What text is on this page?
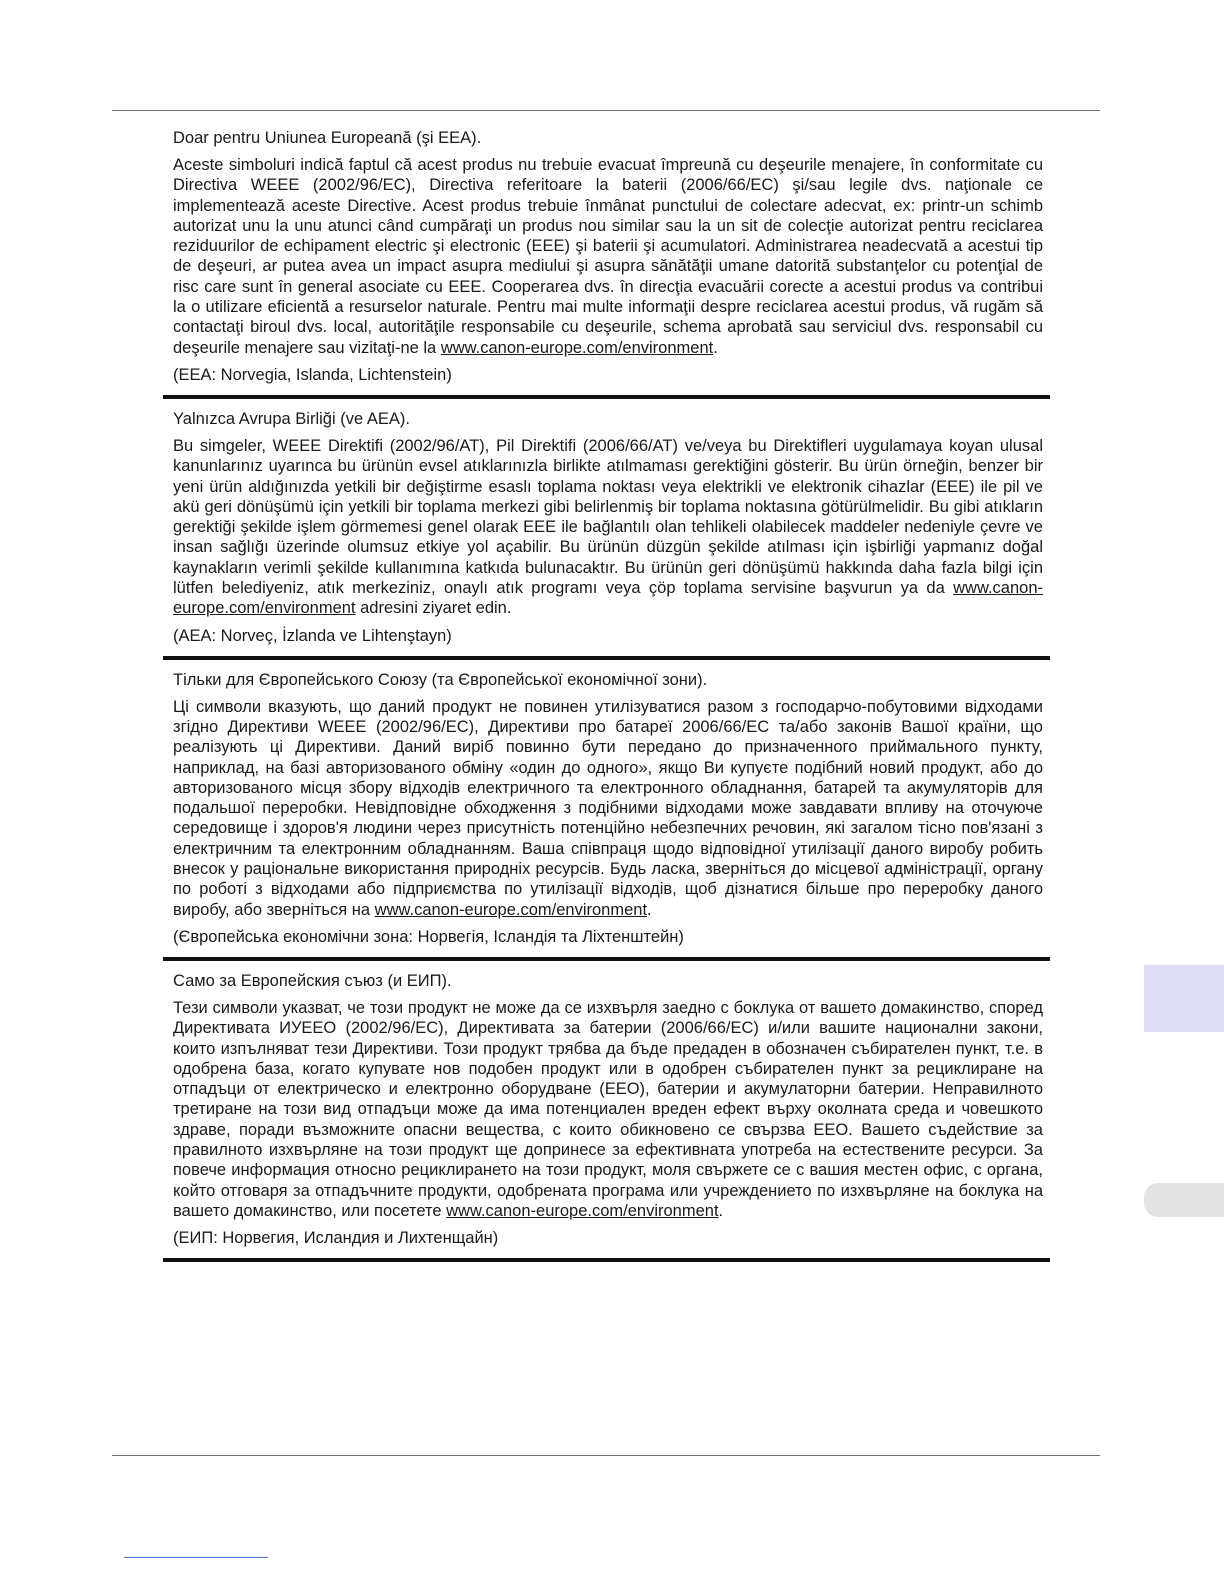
Doar pentru Uniunea Europeană (şi EEA).

Aceste simboluri indică faptul că acest produs nu trebuie evacuat împreună cu deşeurile menajere, în conformitate cu Directiva WEEE (2002/96/EC), Directiva referitoare la baterii (2006/66/EC) şi/sau legile dvs. naţionale ce implementează aceste Directive. Acest produs trebuie înmânat punctului de colectare adecvat, ex: printr-un schimb autorizat unu la unu atunci când cumpăraţi un produs nou similar sau la un sit de colecţie autorizat pentru reciclarea reziduurilor de echipament electric şi electronic (EEE) şi baterii şi acumulatori. Administrarea neadecvată a acestui tip de deşeuri, ar putea avea un impact asupra mediului şi asupra sănătăţii umane datorită substanţelor cu potenţial de risc care sunt în general asociate cu EEE. Cooperarea dvs. în direcţia evacuării corecte a acestui produs va contribui la o utilizare eficientă a resurselor naturale. Pentru mai multe informaţii despre reciclarea acestui produs, vă rugăm să contactaţi biroul dvs. local, autorităţile responsabile cu deşeurile, schema aprobată sau serviciul dvs. responsabil cu deşeurile menajere sau vizitaţi-ne la www.canon-europe.com/environment.

(EEA: Norvegia, Islanda, Lichtenstein)

Yalnızca Avrupa Birliği (ve AEA).

Bu simgeler, WEEE Direktifi (2002/96/AT), Pil Direktifi (2006/66/AT) ve/veya bu Direktifleri uygulamaya koyan ulusal kanunlarınız uyarınca bu ürünün evsel atıklarınızla birlikte atılmaması gerektiğini gösterir. Bu ürün örneğin, benzer bir yeni ürün aldığınızda yetkili bir değiştirme esaslı toplama noktası veya elektrikli ve elektronik cihazlar (EEE) ile pil ve akü geri dönüşümü için yetkili bir toplama merkezi gibi belirlenmiş bir toplama noktasına götürülmelidir. Bu gibi atıkların gerektiği şekilde işlem görmemesi genel olarak EEE ile bağlantılı olan tehlikeli olabilecek maddeler nedeniyle çevre ve insan sağlığı üzerinde olumsuz etkiye yol açabilir. Bu ürünün düzgün şekilde atılması için işbirliği yapmanız doğal kaynakların verimli şekilde kullanımına katkıda bulunacaktır. Bu ürünün geri dönüşümü hakkında daha fazla bilgi için lütfen belediyeniz, atık merkeziniz, onaylı atık programı veya çöp toplama servisine başvurun ya da www.canon-europe.com/environment adresini ziyaret edin.

(AEA: Norveç, İzlanda ve Lihtenştayn)

Тільки для Європейського Союзу (та Європейської економічної зони).

Ці символи вказують, що даний продукт не повинен утилізуватися разом з господарчо-побутовими відходами згідно Директиви WEEE (2002/96/EC), Директиви про батареї 2006/66/EC та/або законів Вашої країни, що реалізують ці Директиви. Даний виріб повинно бути передано до призначенного приймального пункту, наприклад, на базі авторизованого обміну «один до одного», якщо Ви купуєте подібний новий продукт, або до авторизованого місця збору відходів електричного та електронного обладнання, батарей та акумуляторів для подальшої переробки. Невідповідне обходження з подібними відходами може завдавати впливу на оточуюче середовище і здоров'я людини через присутність потенційно небезпечних речовин, які загалом тісно пов'язані з електричним та електронним обладнанням. Ваша співпраця щодо відповідної утилізації даного виробу робить внесок у раціональне використання природніх ресурсів. Будь ласка, зверніться до місцевої адміністрації, органу по роботі з відходами або підприємства по утилізації відходів, щоб дізнатися більше про переробку даного виробу, або зверніться на www.canon-europe.com/environment.

(Європейська економічни зона: Норвегія, Ісландія та Ліхтенштейн)

Само за Европейския съюз (и ЕИП).

Тези символи указват, че този продукт не може да се изхвърля заедно с боклука от вашето домакинство, според Директивата ИУЕЕО (2002/96/EC), Директивата за батерии (2006/66/EC) и/или вашите национални закони, които изпълняват тези Директиви. Този продукт трябва да бъде предаден в обозначен събирателен пункт, т.е. в одобрена база, когато купувате нов подобен продукт или в одобрен събирателен пункт за рециклиране на отпадъци от електрическо и електронно оборудване (ЕЕО), батерии и акумулаторни батерии. Неправилното третиране на този вид отпадъци може да има потенциален вреден ефект върху околната среда и човешкото здраве, поради възможните опасни вещества, с които обикновено се свързва ЕЕО. Вашето съдействие за правилното изхвърляне на този продукт ще допринесе за ефективната употреба на естествените ресурси. За повече информация относно рециклирането на този продукт, моля свържете се с вашия местен офис, с органа, който отговаря за отпадъчните продукти, одобрената програма или учреждението по изхвърляне на боклука на вашето домакинство, или посетете www.canon-europe.com/environment.

(ЕИП: Норвегия, Исландия и Лихтенщайн)
